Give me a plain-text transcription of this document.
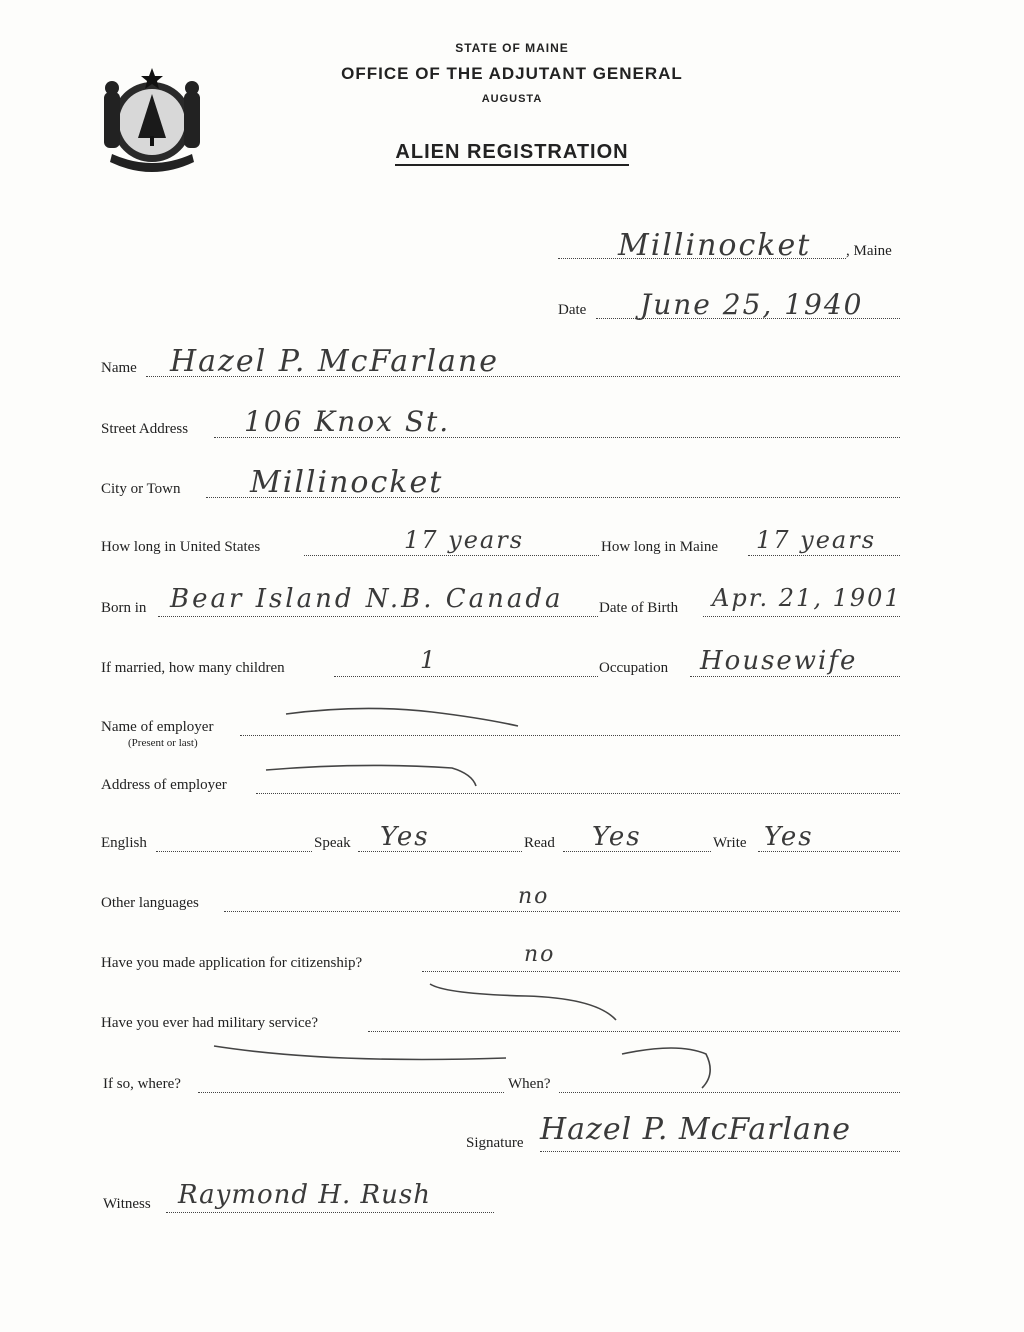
STATE OF MAINE
OFFICE OF THE ADJUTANT GENERAL
AUGUSTA
ALIEN REGISTRATION
Millinocket , Maine
Date June 25, 1940
Name Hazel P. McFarlane
Street Address 106 Knox St.
City or Town Millinocket
How long in United States	17 years	How long in Maine 17 years
Born in Bear Island N.B. Canada Date of Birth Apr. 21, 1901
If married, how many children	1	Occupation Housewife
Name of employer
(Present or last)
Address of employer
English	Speak Yes	Read Yes	Write Yes
Other languages	no
Have you made application for citizenship?	no
Have you ever had military service?
If so, where?	When?
Signature Hazel P. McFarlane
Witness Raymond H. Rush
